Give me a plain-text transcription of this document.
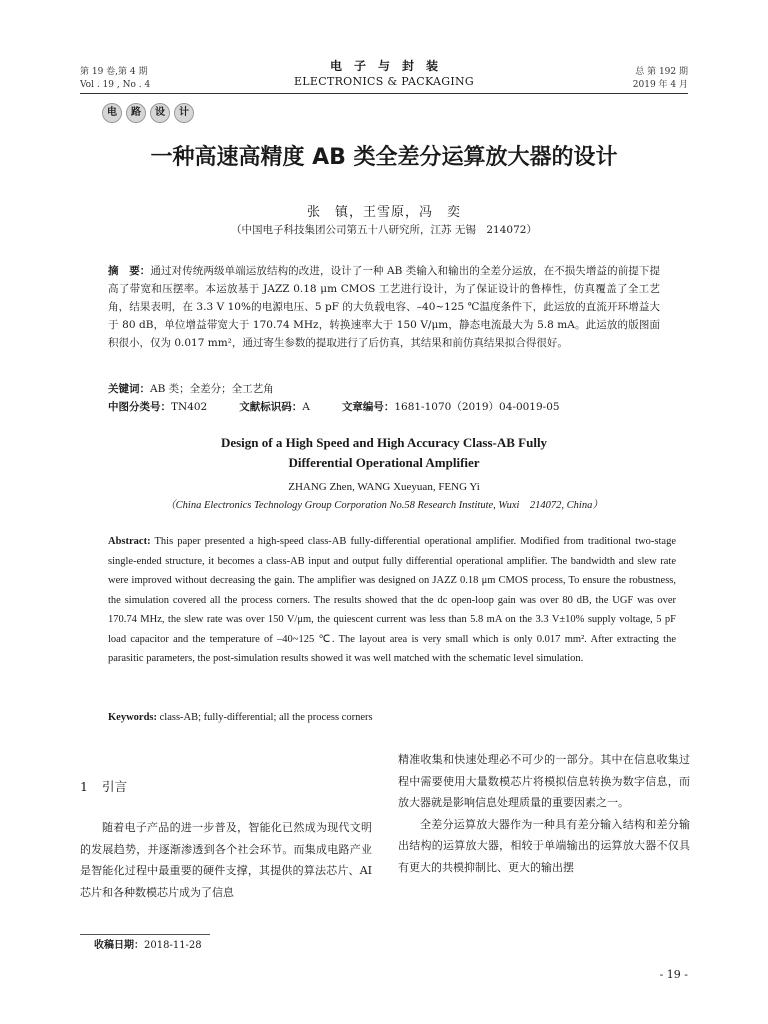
第 19 卷,第 4 期
Vol . 19 , No . 4
电子与封装
ELECTRONICS & PACKAGING
总 第 192 期
2019 年 4 月
电	路	设	计
一种高速高精度 AB 类全差分运算放大器的设计
张　镇，王雪原，冯　奕
（中国电子科技集团公司第五十八研究所，江苏 无锡　214072）
摘　要：通过对传统两级单端运放结构的改进，设计了一种 AB 类输入和输出的全差分运放，在不损失增益的前提下提高了带宽和压摆率。本运放基于 JAZZ 0.18 μm CMOS 工艺进行设计，为了保证设计的鲁棒性，仿真覆盖了全工艺角，结果表明，在 3.3 V 10%的电源电压、5 pF 的大负载电容、–40~125 ℃温度条件下，此运放的直流开环增益大于 80 dB，单位增益带宽大于 170.74 MHz，转换速率大于 150 V/μm，静态电流最大为 5.8 mA。此运放的版图面积很小，仅为 0.017 mm²，通过寄生参数的提取进行了后仿真，其结果和前仿真结果拟合得很好。
关键词：AB 类；全差分；全工艺角
中图分类号：TN402	文献标识码：A	文章编号：1681-1070（2019）04-0019-05
Design of a High Speed and High Accuracy Class-AB Fully
Differential Operational Amplifier
ZHANG Zhen, WANG Xueyuan, FENG Yi
（China Electronics Technology Group Corporation No.58 Research Institute, Wuxi　214072, China）
Abstract: This paper presented a high-speed class-AB fully-differential operational amplifier. Modified from traditional two-stage single-ended structure, it becomes a class-AB input and output fully differential operational amplifier. The bandwidth and slew rate were improved without decreasing the gain. The amplifier was designed on JAZZ 0.18 μm CMOS process, To ensure the robustness, the simulation covered all the process corners. The results showed that the dc open-loop gain was over 80 dB, the UGF was over 170.74 MHz, the slew rate was over 150 V/μm, the quiescent current was less than 5.8 mA on the 3.3 V±10% supply voltage, 5 pF load capacitor and the temperature of –40~125 ℃. The layout area is very small which is only 0.017 mm². After extracting the parasitic parameters, the post-simulation results showed it was well matched with the schematic level simulation.
Keywords: class-AB; fully-differential; all the process corners
1 引言

随着电子产品的进一步普及，智能化已然成为现代文明的发展趋势，并逐渐渗透到各个社会环节。而集成电路产业是智能化过程中最重要的硬件支撑，其提供的算法芯片、AI 芯片和各种数模芯片成为了信息

精准收集和快速处理必不可少的一部分。其中在信息收集过程中需要使用大量数模芯片将模拟信息转换为数字信息，而放大器就是影响信息处理质量的重要因素之一。

全差分运算放大器作为一种具有差分输入结构和差分输出结构的运算放大器，相较于单端输出的运算放大器不仅具有更大的共模抑制比、更大的输出摆

收稿日期：2018-11-28
- 19 -
